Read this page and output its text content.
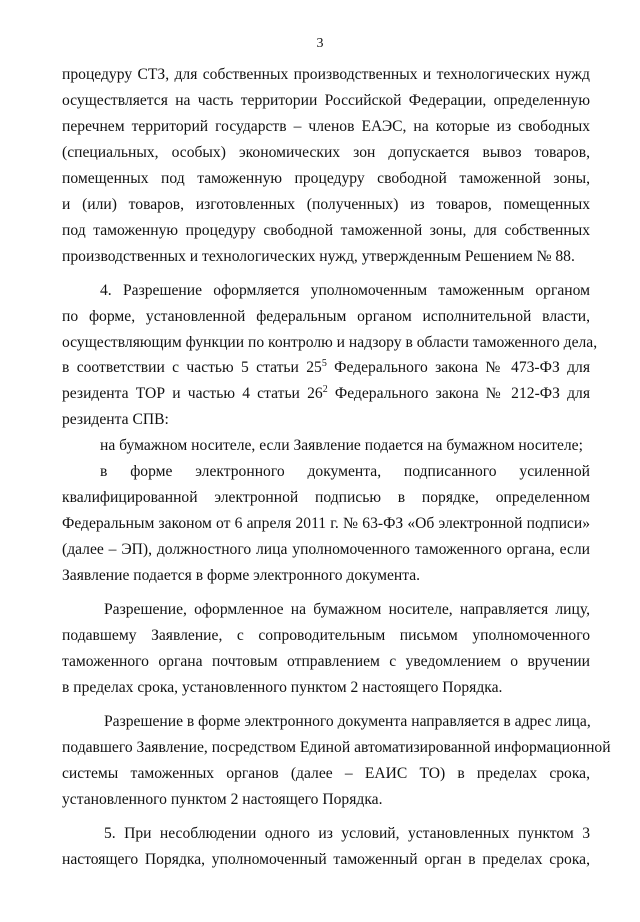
3
процедуру СТЗ, для собственных производственных и технологических нужд
осуществляется на часть территории Российской Федерации, определенную
перечнем территорий государств – членов ЕАЭС, на которые из свободных
(специальных, особых) экономических зон допускается вывоз товаров,
помещенных под таможенную процедуру свободной таможенной зоны,
и (или) товаров, изготовленных (полученных) из товаров, помещенных
под таможенную процедуру свободной таможенной зоны, для собственных
производственных и технологических нужд, утвержденным Решением № 88.
4. Разрешение оформляется уполномоченным таможенным органом
по форме, установленной федеральным органом исполнительной власти,
осуществляющим функции по контролю и надзору в области таможенного дела,
в соответствии с частью 5 статьи $25^5$ Федерального закона № 473-ФЗ для
резидента ТОР и частью 4 статьи $26^2$ Федерального закона № 212-ФЗ для
резидента СПВ:
на бумажном носителе, если Заявление подается на бумажном носителе;
в форме электронного документа, подписанного усиленной
квалифицированной электронной подписью в порядке, определенном
Федеральным законом от 6 апреля 2011 г. № 63-ФЗ «Об электронной подписи»
(далее – ЭП), должностного лица уполномоченного таможенного органа, если
Заявление подается в форме электронного документа.
Разрешение, оформленное на бумажном носителе, направляется лицу,
подавшему Заявление, с сопроводительным письмом уполномоченного
таможенного органа почтовым отправлением с уведомлением о вручении
в пределах срока, установленного пунктом 2 настоящего Порядка.
Разрешение в форме электронного документа направляется в адрес лица,
подавшего Заявление, посредством Единой автоматизированной информационной
системы таможенных органов (далее – ЕАИС ТО) в пределах срока,
установленного пунктом 2 настоящего Порядка.
5. При несоблюдении одного из условий, установленных пунктом 3
настоящего Порядка, уполномоченный таможенный орган в пределах срока,
